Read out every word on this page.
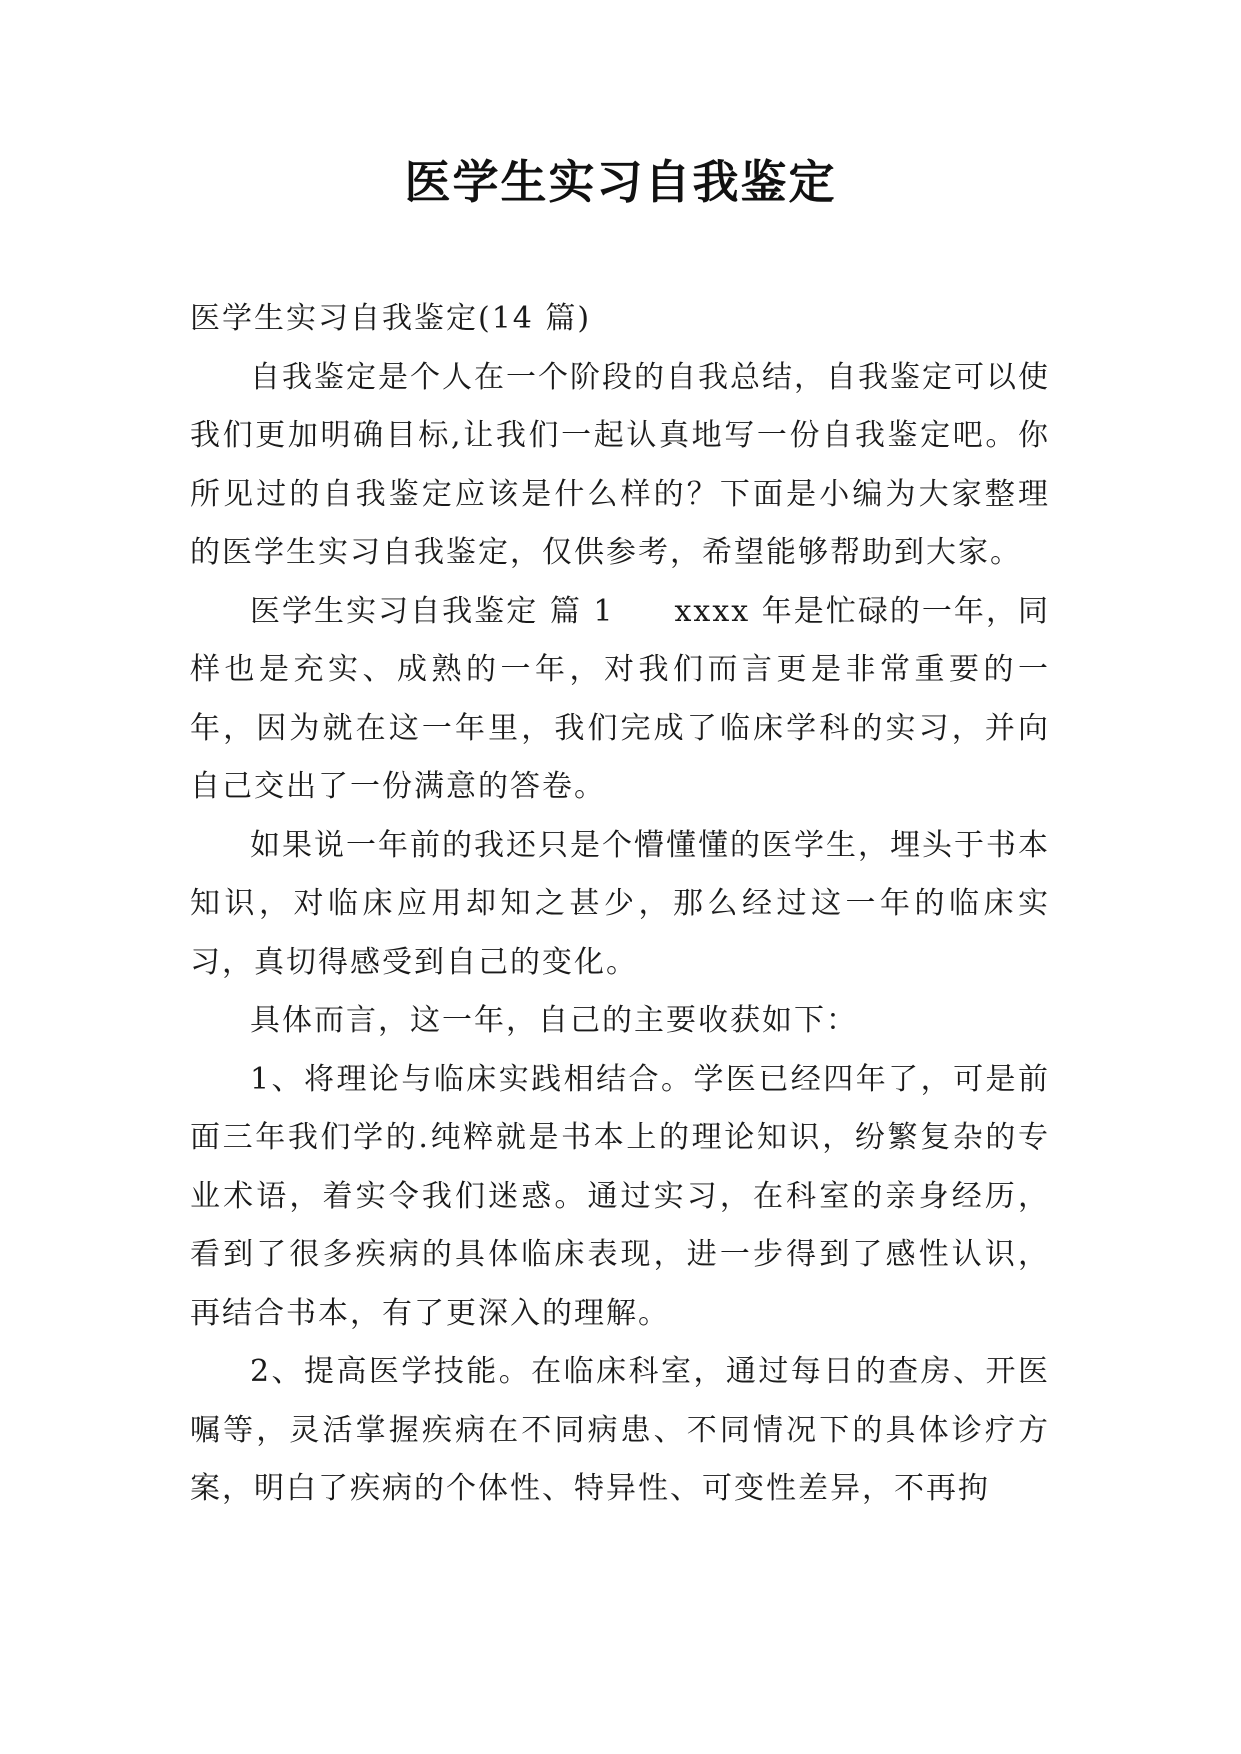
医学生实习自我鉴定

医学生实习自我鉴定(14 篇)

自我鉴定是个人在一个阶段的自我总结，自我鉴定可以使我们更加明确目标,让我们一起认真地写一份自我鉴定吧。你所见过的自我鉴定应该是什么样的？下面是小编为大家整理的医学生实习自我鉴定，仅供参考，希望能够帮助到大家。

医学生实习自我鉴定 篇 1 xxxx 年是忙碌的一年，同样也是充实、成熟的一年，对我们而言更是非常重要的一年，因为就在这一年里，我们完成了临床学科的实习，并向自己交出了一份满意的答卷。

如果说一年前的我还只是个懵懂懂的医学生，埋头于书本知识，对临床应用却知之甚少，那么经过这一年的临床实习，真切得感受到自己的变化。

具体而言，这一年，自己的主要收获如下：

1、将理论与临床实践相结合。学医已经四年了，可是前面三年我们学的.纯粹就是书本上的理论知识，纷繁复杂的专业术语，着实令我们迷惑。通过实习，在科室的亲身经历，看到了很多疾病的具体临床表现，进一步得到了感性认识，再结合书本，有了更深入的理解。

2、提高医学技能。在临床科室，通过每日的查房、开医嘱等，灵活掌握疾病在不同病患、不同情况下的具体诊疗方案，明白了疾病的个体性、特异性、可变性差异，不再拘
